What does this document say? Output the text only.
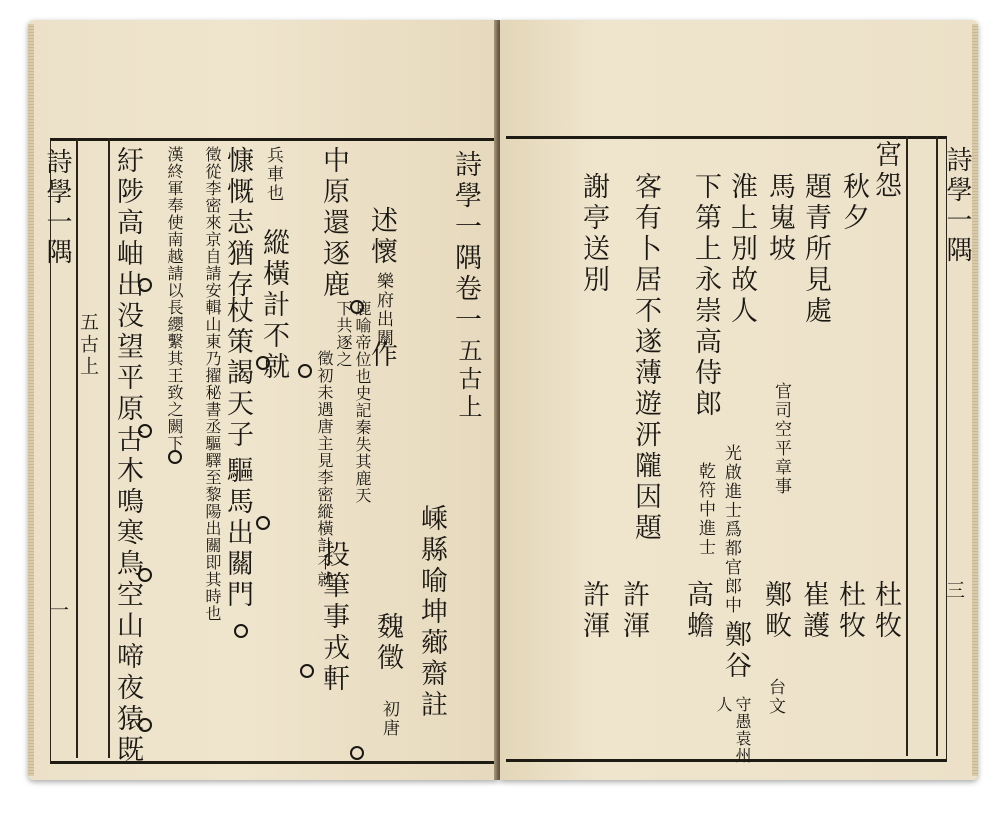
詩學一隅
五古上
一 紆陟高岫出没望平原古木鳴寒鳥空山啼夜猿既	漢終軍奉使南越請以長纓繫其王致之闕下	徵從李密來京自請安輯山東乃擢秘書丞驅驛至黎陽出關即其時也 慷慨志猶存
杖策謁天子
驅馬出關門
兵車也
縱橫計不就
徵初未遇唐主見李密縱橫計不就
中原還逐鹿
鹿喻帝位也史記秦失其鹿天下共逐之
投筆事戎軒
述懷
樂府出關
作
魏徵
初唐 嵊縣喻坤薌齋註
詩學一隅卷一
五古上
詩學一隅
三
宮怨
秋夕
題青所見處
馬嵬坡
淮上別故人
下第上永崇高侍郎
客有卜居不遂薄遊汧隴因題
謝亭送別
官司空平章事
光啟進士爲都官郎中
乾符中進士
杜牧
杜牧
崔護
鄭畋
台文
鄭谷
守愚袁州人
高蟾
許渾
許渾
